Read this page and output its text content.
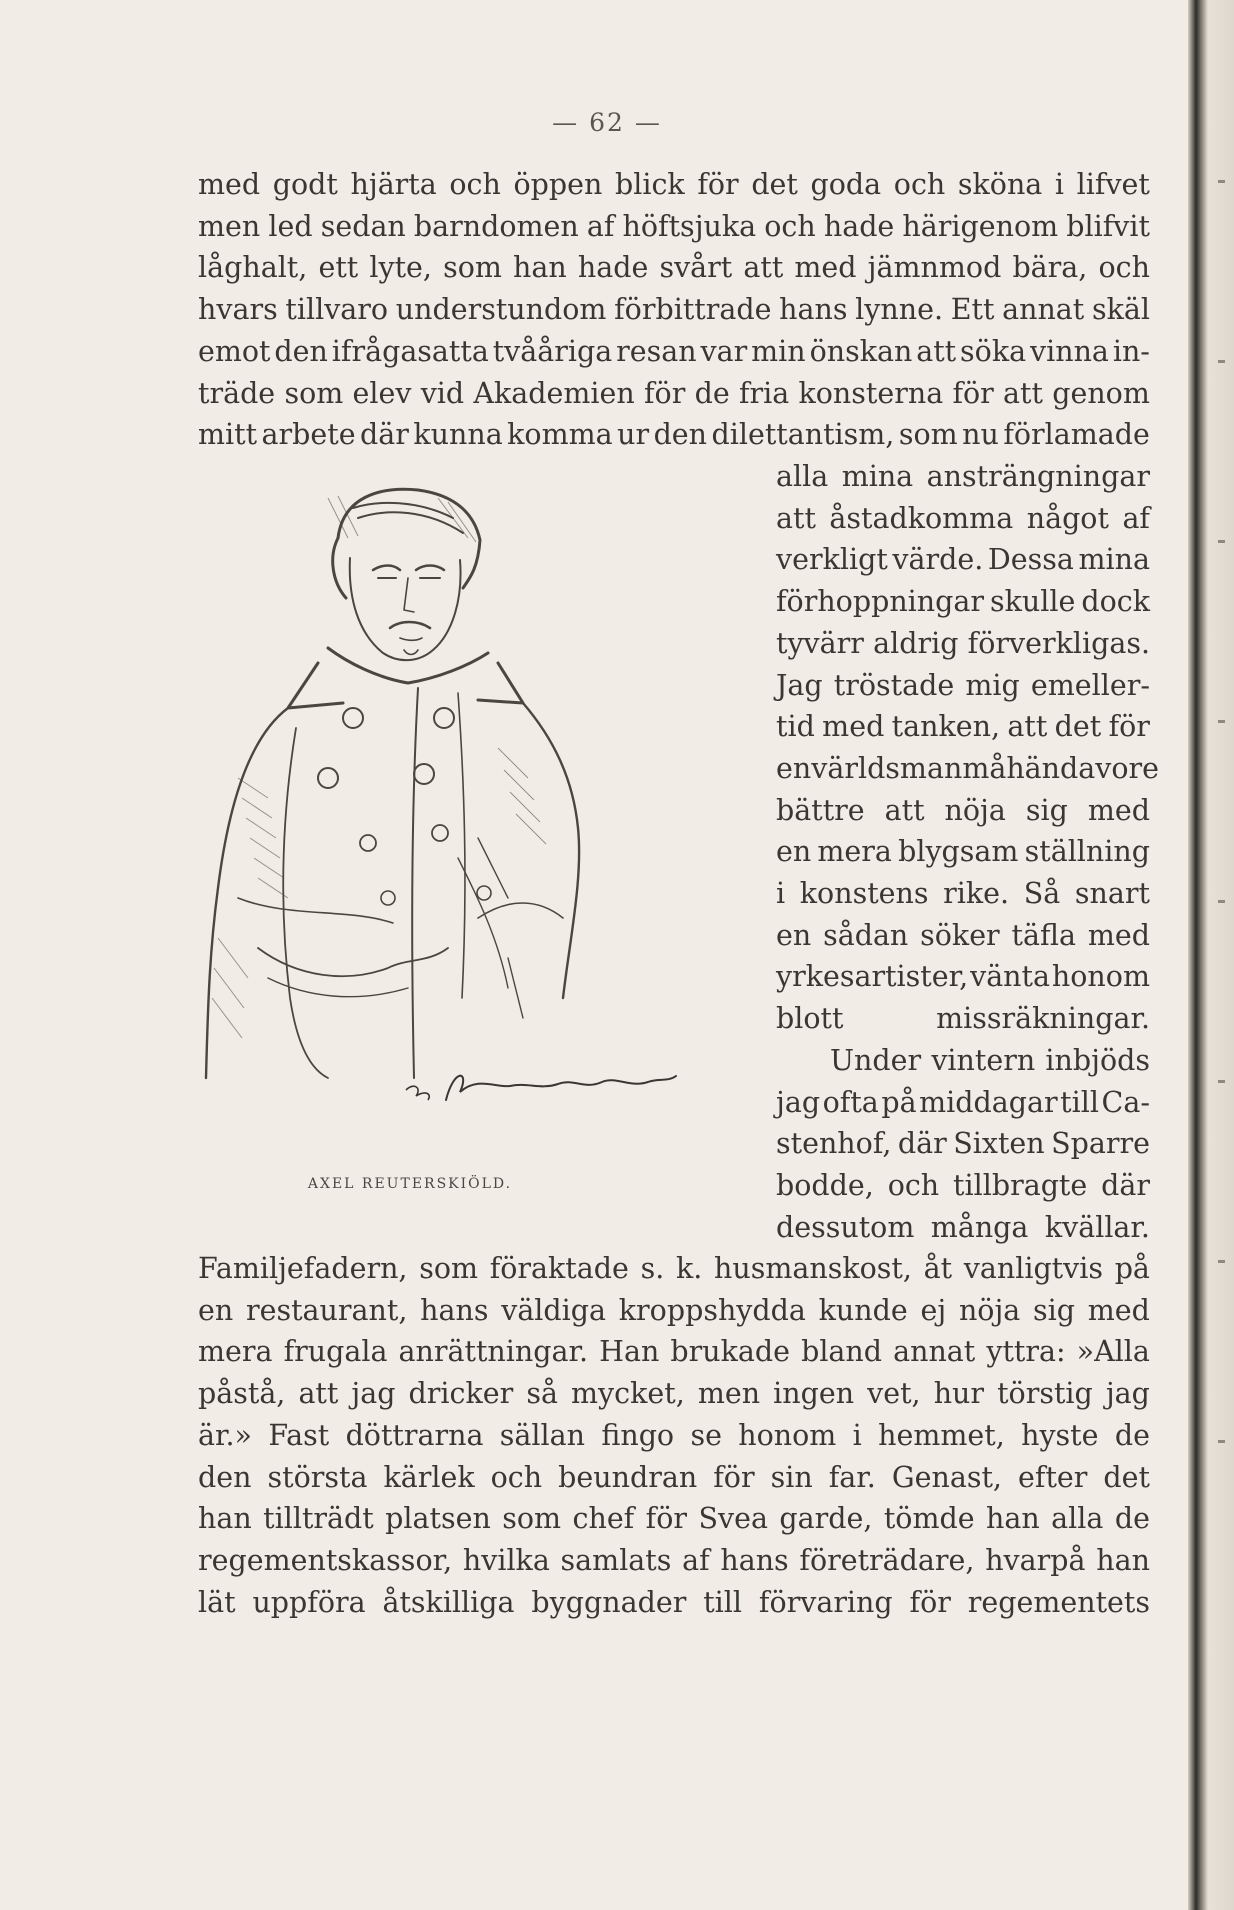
— 62 —
med godt hjärta och öppen blick för det goda och sköna i lifvet
men led sedan barndomen af höftsjuka och hade härigenom blifvit
låghalt, ett lyte, som han hade svårt att med jämnmod bära, och
hvars tillvaro understundom förbittrade hans lynne. Ett annat skäl
emot den ifrågasatta tvååriga resan var min önskan att söka vinna in-
träde som elev vid Akademien för de fria konsterna för att genom
mitt arbete där kunna komma ur den dilettantism, som nu förlamade
alla mina ansträngningar
att åstadkomma något af
verkligt värde. Dessa mina
förhoppningar skulle dock
tyvärr aldrig förverkligas.
Jag tröstade mig emeller-
tid med tanken, att det för
en världsman måhända vore
bättre att nöja sig med
en mera blygsam ställning
i konstens rike. Så snart
en sådan söker täfla med
yrkesartister, vänta honom
blott	missräkningar.
Under vintern inbjöds
jag ofta på middagar till Ca-
stenhof, där Sixten Sparre
bodde, och tillbragte där
dessutom många kvällar.
Familjefadern, som föraktade s. k. husmanskost, åt vanligtvis på
en restaurant, hans väldiga kroppshydda kunde ej nöja sig med
mera frugala anrättningar. Han brukade bland annat yttra: »Alla
påstå, att jag dricker så mycket, men ingen vet, hur törstig jag
är.» Fast döttrarna sällan fingo se honom i hemmet, hyste de
den största kärlek och beundran för sin far. Genast, efter det
han tillträdt platsen som chef för Svea garde, tömde han alla de
regementskassor, hvilka samlats af hans företrädare, hvarpå han
lät uppföra åtskilliga byggnader till förvaring för regementets
AXEL REUTERSKIÖLD.
